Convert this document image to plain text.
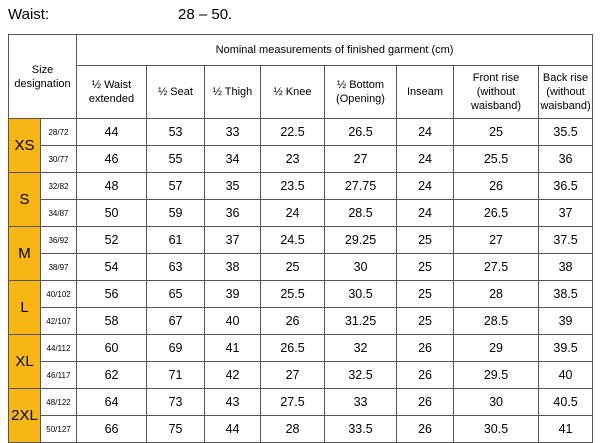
Waist:	28 – 50.
Size designation		Nominal measurements of finished garment (cm)							
		½ Waist extended	½ Seat	½ Thigh	½ Knee	½ Bottom (Opening)	Inseam	Front rise (without waisband)	Back rise (without waisband)
XS	28/72	44	53	33	22.5	26.5	24	25	35.5
	30/77	46	55	34	23	27	24	25.5	36
S	32/82	48	57	35	23.5	27.75	24	26	36.5
	34/87	50	59	36	24	28.5	24	26.5	37
M	36/92	52	61	37	24.5	29.25	25	27	37.5
	38/97	54	63	38	25	30	25	27.5	38
L	40/102	56	65	39	25.5	30.5	25	28	38.5
	42/107	58	67	40	26	31.25	25	28.5	39
XL	44/112	60	69	41	26.5	32	26	29	39.5
	46/117	62	71	42	27	32.5	26	29.5	40
2XL	48/122	64	73	43	27.5	33	26	30	40.5
	50/127	66	75	44	28	33.5	26	30.5	41
